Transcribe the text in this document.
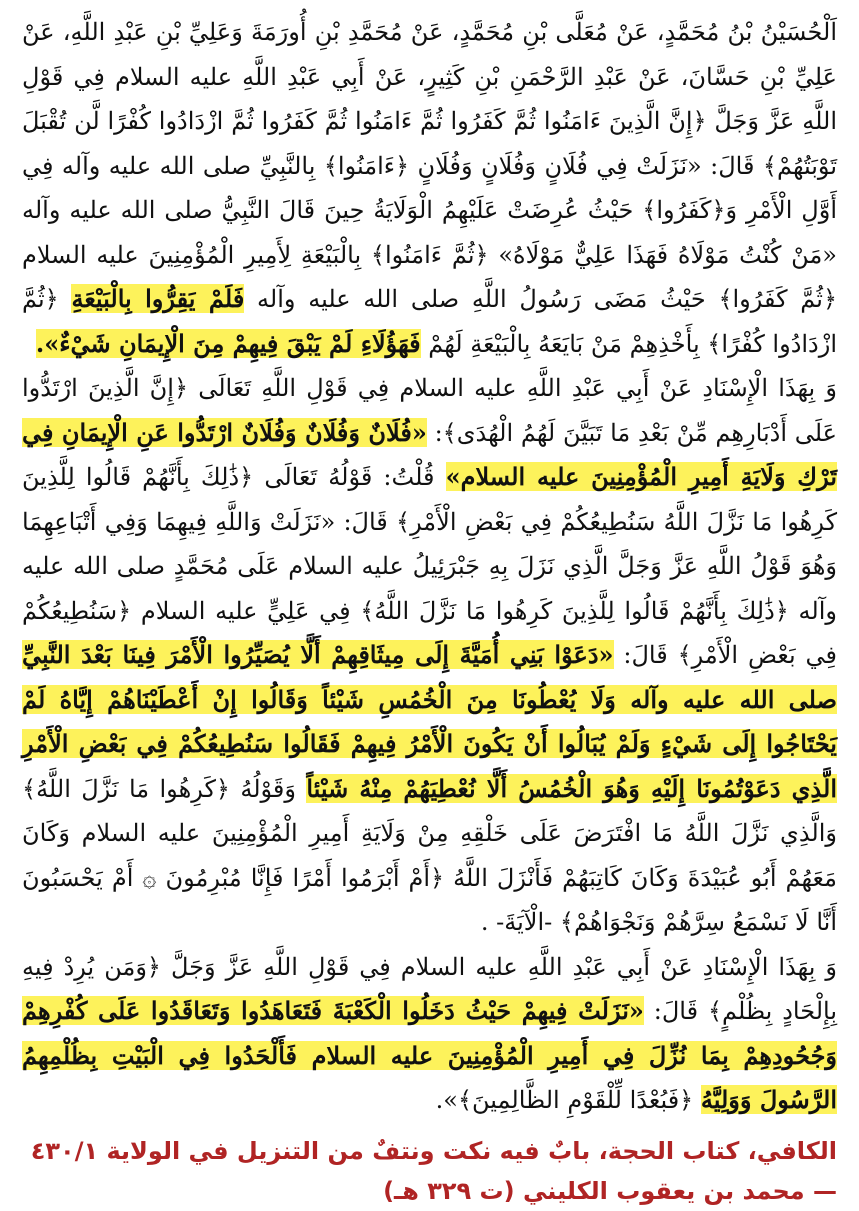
اَلْحُسَيْنُ بْنُ مُحَمَّدٍ، عَنْ مُعَلَّى بْنِ مُحَمَّدٍ، عَنْ مُحَمَّدِ بْنِ أُورَمَةَ وَعَلِيِّ بْنِ عَبْدِ اللَّهِ، عَنْ عَلِيِّ بْنِ حَسَّانَ، عَنْ عَبْدِ الرَّحْمَنِ بْنِ كَثِيرٍ، عَنْ أَبِي عَبْدِ اللَّهِ عليه السلام فِي قَوْلِ اللَّهِ عَزَّ وَجَلَّ ﴿إِنَّ الَّذِينَ ءَامَنُوا ثُمَّ كَفَرُوا ثُمَّ ءَامَنُوا ثُمَّ كَفَرُوا ثُمَّ ازْدَادُوا كُفْرًا لَّن تُقْبَلَ تَوْبَتُهُمْ﴾ قَالَ: «نَزَلَتْ فِي فُلَانٍ وَفُلَانٍ وَفُلَانٍ ﴿ءَامَنُوا﴾ بِالنَّبِيِّ صلى الله عليه وآله فِي أَوَّلِ الْأَمْرِ وَ﴿كَفَرُوا﴾ حَيْثُ عُرِضَتْ عَلَيْهِمُ الْوَلَايَةُ حِينَ قَالَ النَّبِيُّ صلى الله عليه وآله «مَنْ كُنْتُ مَوْلَاهُ فَهَذَا عَلِيٌّ مَوْلَاهُ» ﴿ثُمَّ ءَامَنُوا﴾ بِالْبَيْعَةِ لِأَمِيرِ الْمُؤْمِنِينَ عليه السلام ﴿ثُمَّ كَفَرُوا﴾ حَيْثُ مَضَى رَسُولُ اللَّهِ صلى الله عليه وآله فَلَمْ يَقِرُّوا بِالْبَيْعَةِ ﴿ثُمَّ ازْدَادُوا كُفْرًا﴾ بِأَخْذِهِمْ مَنْ بَايَعَهُ بِالْبَيْعَةِ لَهُمْ فَهَؤُلَاءِ لَمْ يَبْقَ فِيهِمْ مِنَ الْإِيمَانِ شَيْءٌ».

وَ بِهَذَا الْإِسْنَادِ عَنْ أَبِي عَبْدِ اللَّهِ عليه السلام فِي قَوْلِ اللَّهِ تَعَالَى ﴿إِنَّ الَّذِينَ ارْتَدُّوا عَلَى أَدْبَارِهِم مِّنْ بَعْدِ مَا تَبَيَّنَ لَهُمُ الْهُدَى﴾: «فُلَانٌ وَفُلَانٌ وَفُلَانٌ ارْتَدُّوا عَنِ الْإِيمَانِ فِي تَرْكِ وَلَايَةِ أَمِيرِ الْمُؤْمِنِينَ عليه السلام» قُلْتُ: قَوْلُهُ تَعَالَى ﴿ذَٰلِكَ بِأَنَّهُمْ قَالُوا لِلَّذِينَ كَرِهُوا مَا نَزَّلَ اللَّهُ سَنُطِيعُكُمْ فِي بَعْضِ الْأَمْرِ﴾ قَالَ: «نَزَلَتْ وَاللَّهِ فِيهِمَا وَفِي أَتْبَاعِهِمَا وَهُوَ قَوْلُ اللَّهِ عَزَّ وَجَلَّ الَّذِي نَزَلَ بِهِ جَبْرَئِيلُ عليه السلام عَلَى مُحَمَّدٍ صلى الله عليه وآله ﴿ذَٰلِكَ بِأَنَّهُمْ قَالُوا لِلَّذِينَ كَرِهُوا مَا نَزَّلَ اللَّهُ﴾ فِي عَلِيٍّ عليه السلام ﴿سَنُطِيعُكُمْ فِي بَعْضِ الْأَمْرِ﴾ قَالَ: «دَعَوْا بَنِي أُمَيَّةَ إِلَى مِيثَاقِهِمْ أَلَّا يُصَيِّرُوا الْأَمْرَ فِينَا بَعْدَ النَّبِيِّ صلى الله عليه وآله وَلَا يُعْطُونَا مِنَ الْخُمُسِ شَيْئاً وَقَالُوا إِنْ أَعْطَيْنَاهُمْ إِيَّاهُ لَمْ يَحْتَاجُوا إِلَى شَيْءٍ وَلَمْ يُبَالُوا أَنْ يَكُونَ الْأَمْرُ فِيهِمْ فَقَالُوا سَنُطِيعُكُمْ فِي بَعْضِ الْأَمْرِ الَّذِي دَعَوْتُمُونَا إِلَيْهِ وَهُوَ الْخُمُسُ أَلَّا نُعْطِيَهُمْ مِنْهُ شَيْئاً وَقَوْلُهُ ﴿كَرِهُوا مَا نَزَّلَ اللَّهُ﴾ وَالَّذِي نَزَّلَ اللَّهُ مَا افْتَرَضَ عَلَى خَلْقِهِ مِنْ وَلَايَةِ أَمِيرِ الْمُؤْمِنِينَ عليه السلام وَكَانَ مَعَهُمْ أَبُو عُبَيْدَةَ وَكَانَ كَاتِبَهُمْ فَأَنْزَلَ اللَّهُ ﴿أَمْ أَبْرَمُوا أَمْرًا فَإِنَّا مُبْرِمُونَ ۞ أَمْ يَحْسَبُونَ أَنَّا لَا نَسْمَعُ سِرَّهُمْ وَنَجْوَاهُمْ﴾ -الْآيَةَ- .

وَ بِهَذَا الْإِسْنَادِ عَنْ أَبِي عَبْدِ اللَّهِ عليه السلام فِي قَوْلِ اللَّهِ عَزَّ وَجَلَّ ﴿وَمَن يُرِدْ فِيهِ بِإِلْحَادٍ بِظُلْمٍ﴾ قَالَ: «نَزَلَتْ فِيهِمْ حَيْثُ دَخَلُوا الْكَعْبَةَ فَتَعَاهَدُوا وَتَعَاقَدُوا عَلَى كُفْرِهِمْ وَجُحُودِهِمْ بِمَا نُزِّلَ فِي أَمِيرِ الْمُؤْمِنِينَ عليه السلام فَأَلْحَدُوا فِي الْبَيْتِ بِظُلْمِهِمُ الرَّسُولَ وَوَلِيَّهُ ﴿فَبُعْدًا لِّلْقَوْمِ الظَّالِمِينَ﴾».

الكافي، كتاب الحجة، بابٌ فيه نكت ونتفٌ من التنزيل في الولاية ٤٣٠/١ — محمد بن يعقوب الكليني (ت ٣٢٩ هـ)
